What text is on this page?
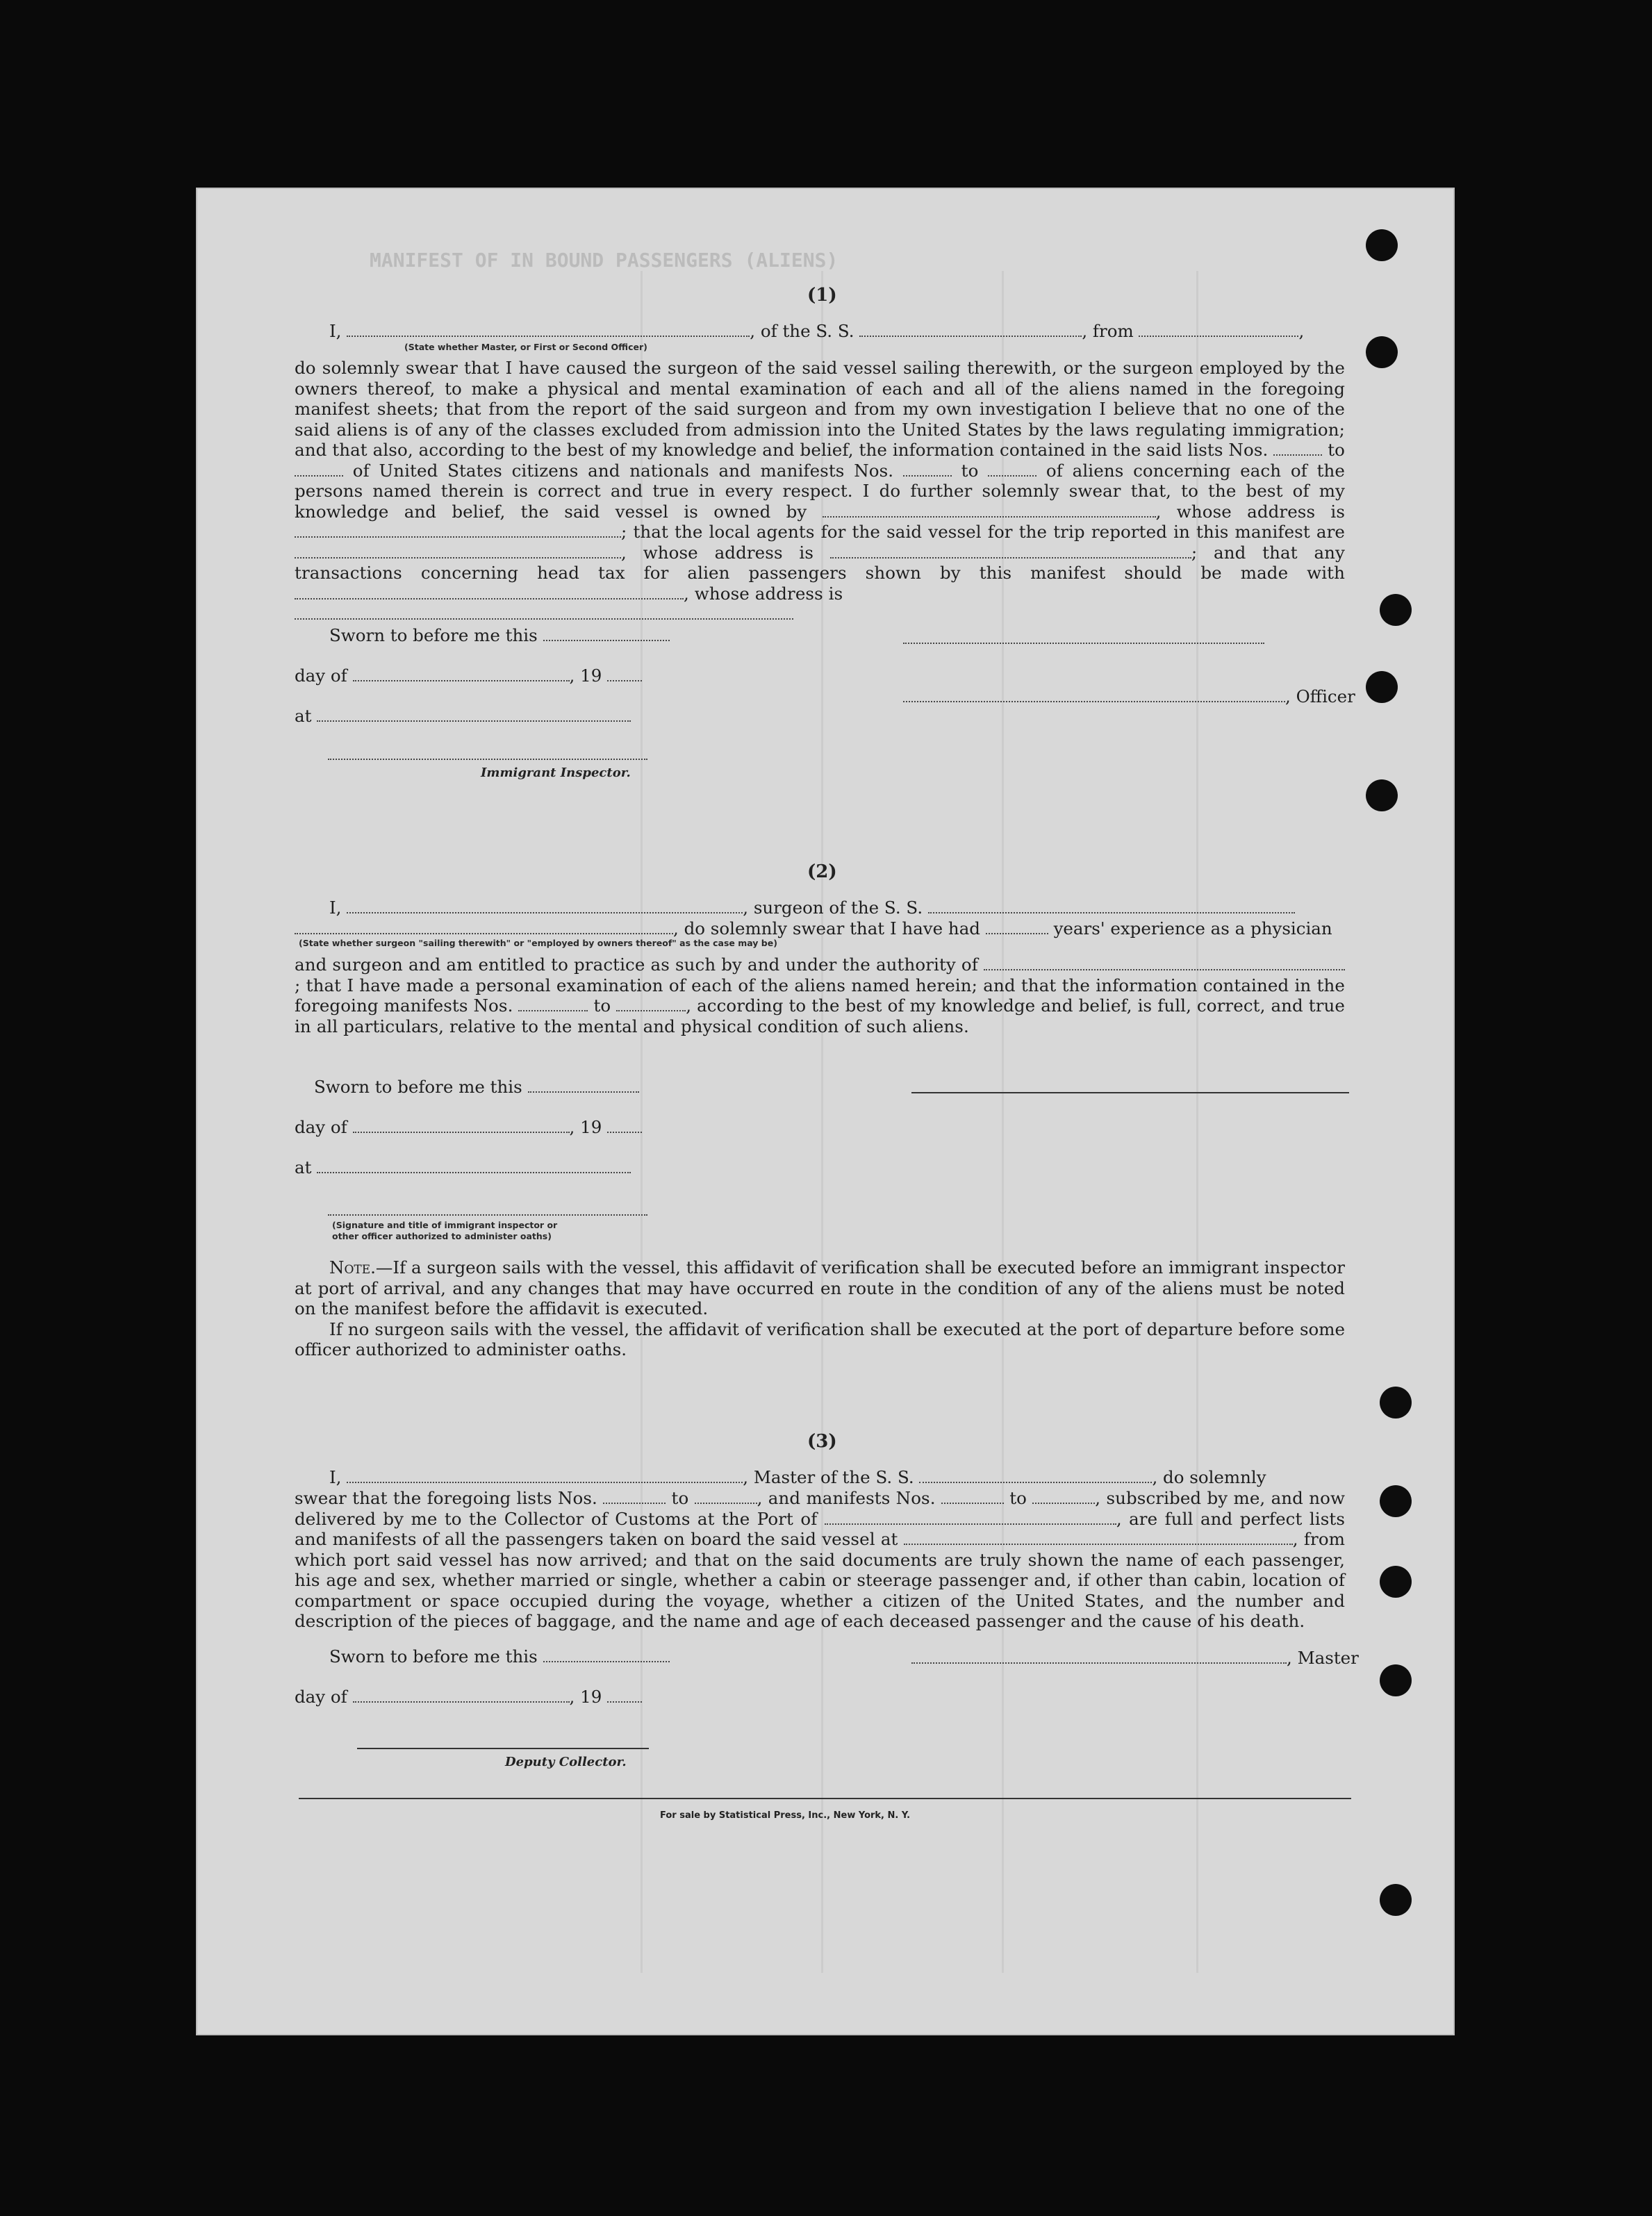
MANIFEST OF IN BOUND PASSENGERS (ALIENS)
(1)
I,	, of the S. S.	, from	,
(State whether Master, or First or Second Officer)
do solemnly swear that I have caused the surgeon of the said vessel sailing therewith, or the surgeon employed by the owners thereof, to make a physical and mental examination of each and all of the aliens named in the foregoing manifest sheets; that from the report of the said surgeon and from my own investigation I believe that no one of the said aliens is of any of the classes excluded from admission into the United States by the laws regulating immigration; and that also, according to the best of my knowledge and belief, the information contained in the said lists Nos.	to  of United States citizens and nationals and manifests Nos.	to	of aliens concerning each of the persons named therein is correct and true in every respect. I do further solemnly swear that, to the best of my knowledge and belief, the said vessel is owned by	, whose address is ; that the local agents for the said vessel for the trip reported in this manifest are , whose address is	; and that any transactions concerning head tax for alien passengers shown by this manifest should be made with , whose address is

Sworn to before me this
day of	, 19
at
Immigrant Inspector.
, Officer
(2)
I,	, surgeon of the S. S.
, do solemnly swear that I have had	years' experience as a physician
(State whether surgeon "sailing therewith" or "employed by owners thereof" as the case may be)
and surgeon and am entitled to practice as such by and under the authority of ; that I have made a personal examination of each of the aliens named herein; and that the information contained in the foregoing manifests Nos.	to	, according to the best of my knowledge and belief, is full, correct, and true in all particulars, relative to the mental and physical condition of such aliens.
Sworn to before me this
day of	, 19
at
(Signature and title of immigrant inspector or
other officer authorized to administer oaths)
Note.—If a surgeon sails with the vessel, this affidavit of verification shall be executed before an immigrant inspector at port of arrival, and any changes that may have occurred en route in the condition of any of the aliens must be noted on the manifest before the affidavit is executed.
If no surgeon sails with the vessel, the affidavit of verification shall be executed at the port of departure before some officer authorized to administer oaths.
(3)
I,	, Master of the S. S.	, do solemnly
swear that the foregoing lists Nos.	to	, and manifests Nos.	to	, subscribed by me, and now delivered by me to the Collector of Customs at the Port of	, are full and perfect lists and manifests of all the passengers taken on board the said vessel at	, from which port said vessel has now arrived; and that on the said documents are truly shown the name of each passenger, his age and sex, whether married or single, whether a cabin or steerage passenger and, if other than cabin, location of compartment or space occupied during the voyage, whether a citizen of the United States, and the number and description of the pieces of baggage, and the name and age of each deceased passenger and the cause of his death.
Sworn to before me this
day of	, 19
Deputy Collector.
, Master
For sale by Statistical Press, Inc., New York, N. Y.
